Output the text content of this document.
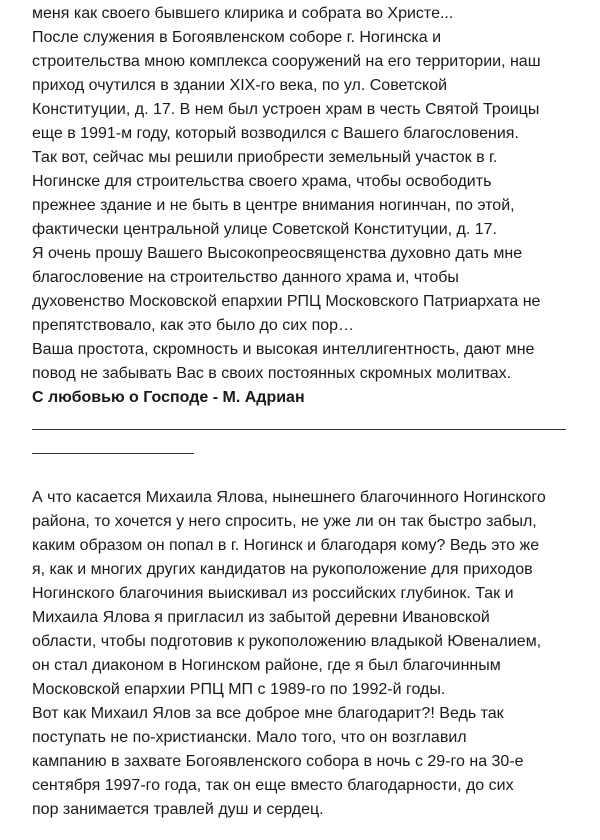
меня как своего бывшего клирика и собрата во Христе...
После служения в Богоявленском соборе г. Ногинска и
строительства мною комплекса сооружений на его территории, наш
приход очутился в здании XIX-го века, по ул. Советской
Конституции, д. 17. В нем был устроен храм в честь Святой Троицы
еще в 1991-м году, который возводился с Вашего благословения.
Так вот, сейчас мы решили приобрести земельный участок в г.
Ногинске для строительства своего храма, чтобы освободить
прежнее здание и не быть в центре внимания ногинчан, по этой,
фактически центральной улице Советской Конституции, д. 17.
Я очень прошу Вашего Высокопреосвященства духовно дать мне
благословение на строительство данного храма и, чтобы
духовенство Московской епархии РПЦ Московского Патриархата не
препятствовало, как это было до сих пор…
Ваша простота, скромность и высокая интеллигентность, дают мне
повод не забывать Вас в своих постоянных скромных молитвах.
С любовью о Господе - М. Адриан
А что касается Михаила Ялова, нынешнего благочинного Ногинского
района, то хочется у него спросить, не уже ли он так быстро забыл,
каким образом он попал в г. Ногинск и благодаря кому? Ведь это же
я, как и многих других кандидатов на рукоположение для приходов
Ногинского благочиния выискивал из российских глубинок. Так и
Михаила Ялова я пригласил из забытой деревни Ивановской
области, чтобы подготовив к рукоположению владыкой Ювеналием,
он стал диаконом в Ногинском районе, где я был благочинным
Московской епархии РПЦ МП с 1989-го по 1992-й годы.
Вот как Михаил Ялов за все доброе мне благодарит?! Ведь так
поступать не по-христиански. Мало того, что он возглавил
кампанию в захвате Богоявленского собора в ночь с 29-го на 30-е
сентября 1997-го года, так он еще вместо благодарности, до сих
пор занимается травлей душ и сердец.
